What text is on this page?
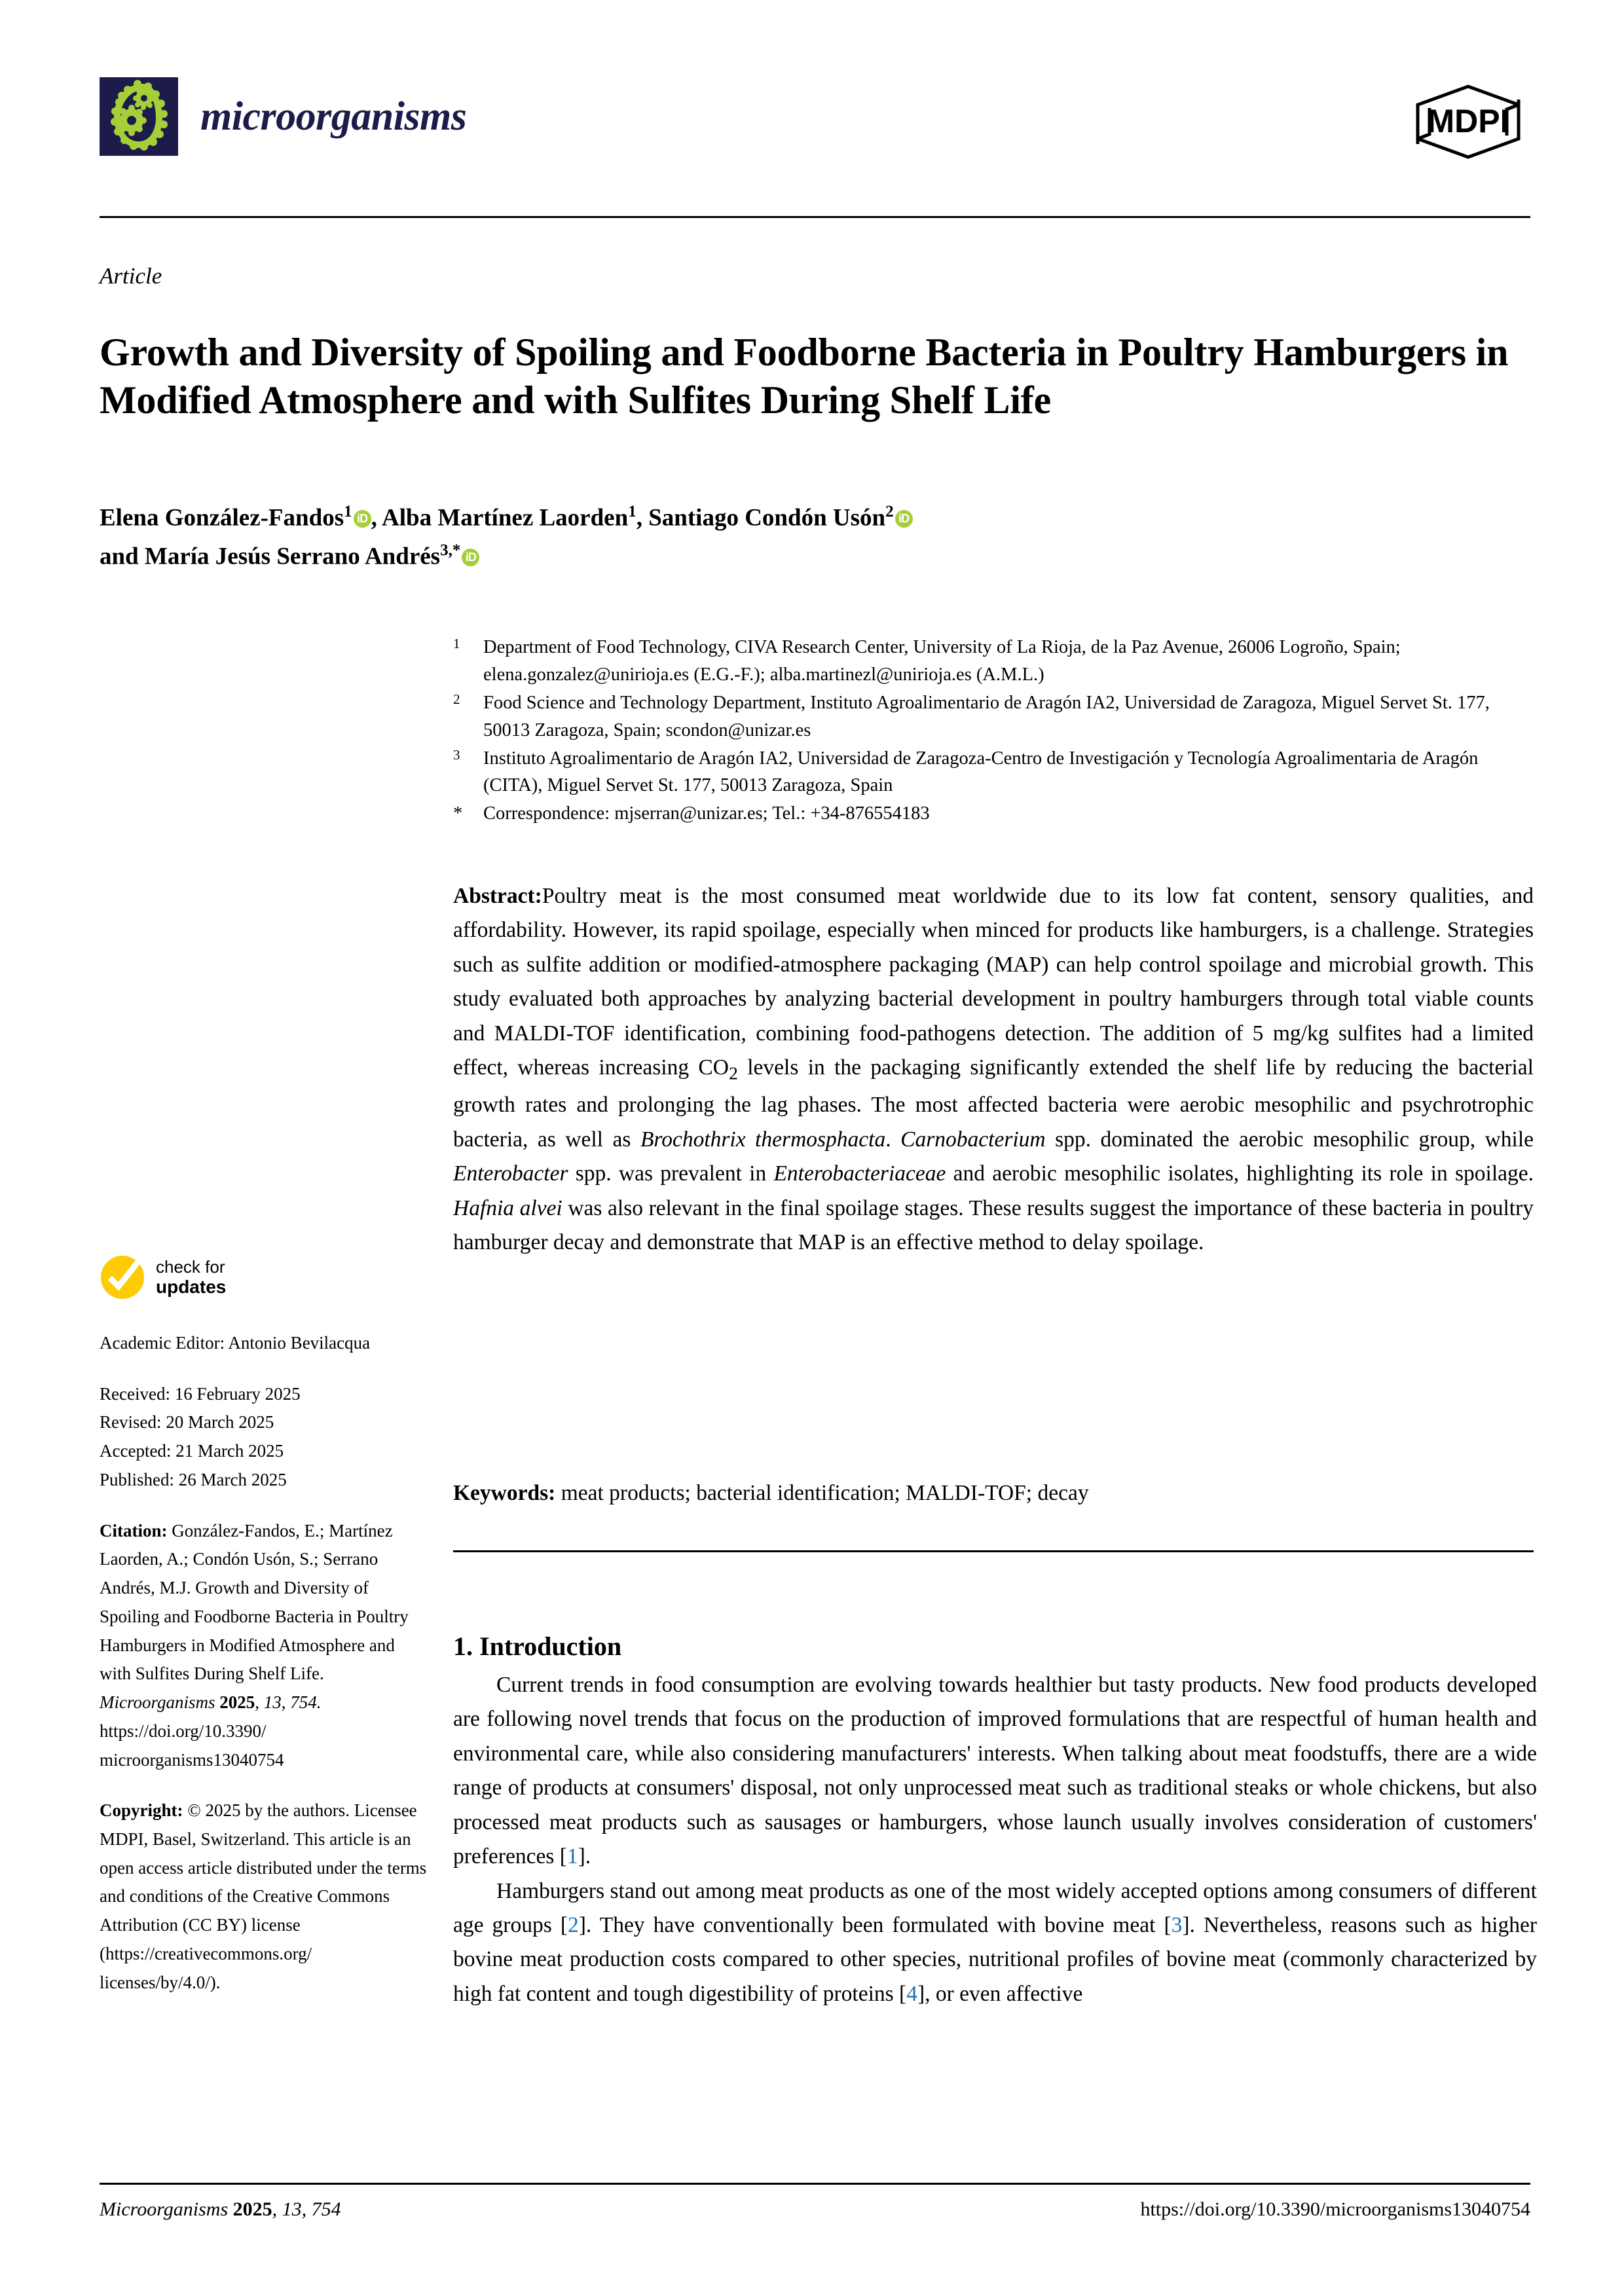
microorganisms	MDPI
Article
Growth and Diversity of Spoiling and Foodborne Bacteria in Poultry Hamburgers in Modified Atmosphere and with Sulfites During Shelf Life
Elena González-Fandos$^1$ iD , Alba Martínez Laorden$^1$, Santiago Condón Usón$^2$ iD
and María Jesús Serrano Andrés$^{3,*}$ iD
$^1$	Department of Food Technology, CIVA Research Center, University of La Rioja, de la Paz Avenue, 26006 Logroño, Spain; elena.gonzalez@unirioja.es (E.G.-F.); alba.martinezl@unirioja.es (A.M.L.)
$^2$	Food Science and Technology Department, Instituto Agroalimentario de Aragón IA2, Universidad de Zaragoza, Miguel Servet St. 177, 50013 Zaragoza, Spain; scondon@unizar.es
$^3$	Instituto Agroalimentario de Aragón IA2, Universidad de Zaragoza-Centro de Investigación y Tecnología Agroalimentaria de Aragón (CITA), Miguel Servet St. 177, 50013 Zaragoza, Spain
*	Correspondence: mjserran@unizar.es; Tel.: +34-876554183
Abstract:Poultry meat is the most consumed meat worldwide due to its low fat content, sensory qualities, and affordability. However, its rapid spoilage, especially when minced for products like hamburgers, is a challenge. Strategies such as sulfite addition or modified-atmosphere packaging (MAP) can help control spoilage and microbial growth. This study evaluated both approaches by analyzing bacterial development in poultry hamburgers through total viable counts and MALDI-TOF identification, combining food-pathogens detection. The addition of 5 mg/kg sulfites had a limited effect, whereas increasing $CO_2$ levels in the packaging significantly extended the shelf life by reducing the bacterial growth rates and prolonging the lag phases. The most affected bacteria were aerobic mesophilic and psychrotrophic bacteria, as well as Brochothrix thermosphacta. Carnobacterium spp. dominated the aerobic mesophilic group, while Enterobacter spp. was prevalent in Enterobacteriaceae and aerobic mesophilic isolates, highlighting its role in spoilage. Hafnia alvei was also relevant in the final spoilage stages. These results suggest the importance of these bacteria in poultry hamburger decay and demonstrate that MAP is an effective method to delay spoilage.
Keywords: meat products; bacterial identification; MALDI-TOF; decay
1. Introduction

Current trends in food consumption are evolving towards healthier but tasty products. New food products developed are following novel trends that focus on the production of improved formulations that are respectful of human health and environmental care, while also considering manufacturers' interests. When talking about meat foodstuffs, there are a wide range of products at consumers' disposal, not only unprocessed meat such as traditional steaks or whole chickens, but also processed meat products such as sausages or hamburgers, whose launch usually involves consideration of customers' preferences [1].

Hamburgers stand out among meat products as one of the most widely accepted options among consumers of different age groups [2]. They have conventionally been formulated with bovine meat [3]. Nevertheless, reasons such as higher bovine meat production costs compared to other species, nutritional profiles of bovine meat (commonly characterized by high fat content and tough digestibility of proteins [4], or even affective

check for
updates
Academic Editor: Antonio Bevilacqua
Received: 16 February 2025
Revised: 20 March 2025
Accepted: 21 March 2025
Published: 26 March 2025
Citation: González-Fandos, E.; Martínez Laorden, A.; Condón Usón, S.; Serrano Andrés, M.J. Growth and Diversity of Spoiling and Foodborne Bacteria in Poultry Hamburgers in Modified Atmosphere and with Sulfites During Shelf Life. Microorganisms 2025, 13, 754.
https://doi.org/10.3390/ microorganisms13040754
Copyright: © 2025 by the authors. Licensee MDPI, Basel, Switzerland. This article is an open access article distributed under the terms and conditions of the Creative Commons Attribution (CC BY) license (https://creativecommons.org/ licenses/by/4.0/).
Microorganisms 2025, 13, 754	https://doi.org/10.3390/microorganisms13040754
